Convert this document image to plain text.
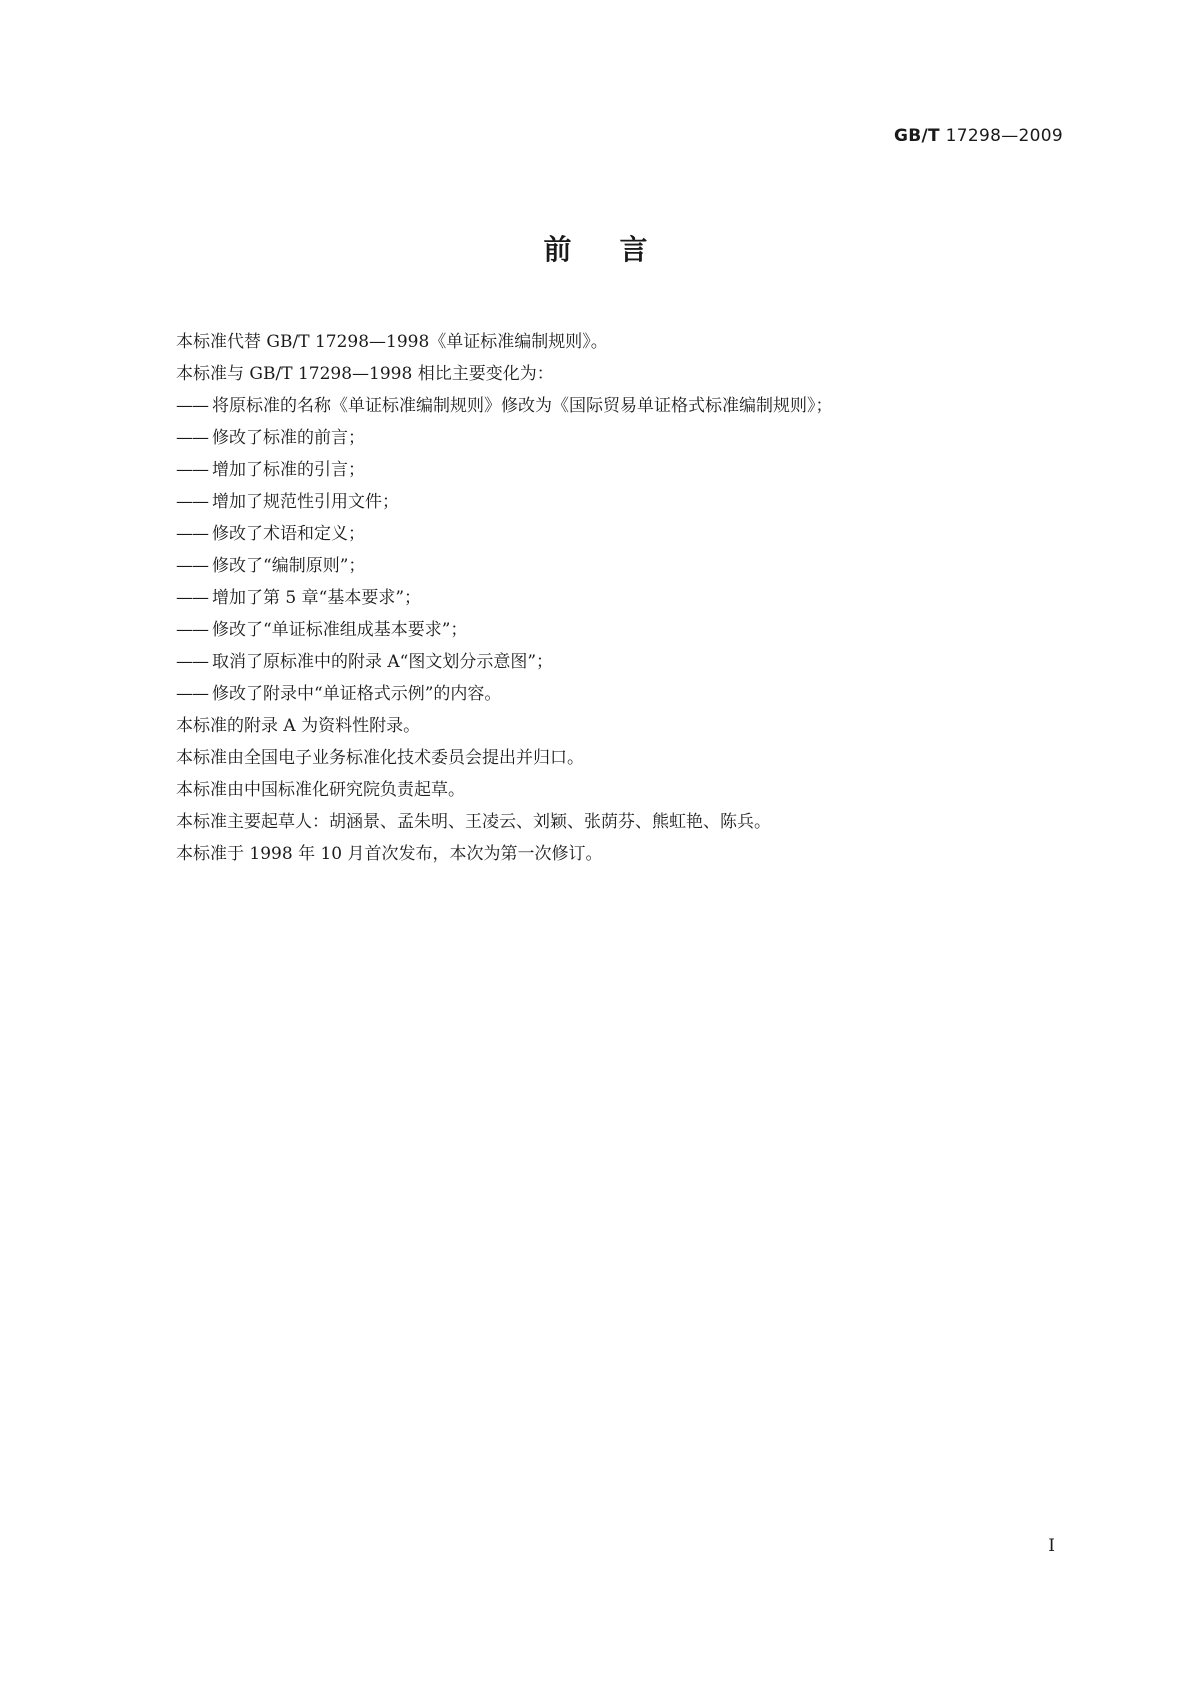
GB/T 17298—2009
前言
本标准代替 GB/T 17298—1998《单证标准编制规则》。
本标准与 GB/T 17298—1998 相比主要变化为：
—— 将原标准的名称《单证标准编制规则》修改为《国际贸易单证格式标准编制规则》；
—— 修改了标准的前言；
—— 增加了标准的引言；
—— 增加了规范性引用文件；
—— 修改了术语和定义；
—— 修改了“编制原则”；
—— 增加了第 5 章“基本要求”；
—— 修改了“单证标准组成基本要求”；
—— 取消了原标准中的附录 A“图文划分示意图”；
—— 修改了附录中“单证格式示例”的内容。
本标准的附录 A 为资料性附录。
本标准由全国电子业务标准化技术委员会提出并归口。
本标准由中国标准化研究院负责起草。
本标准主要起草人：胡涵景、孟朱明、王凌云、刘颖、张荫芬、熊虹艳、陈兵。
本标准于 1998 年 10 月首次发布，本次为第一次修订。
I
